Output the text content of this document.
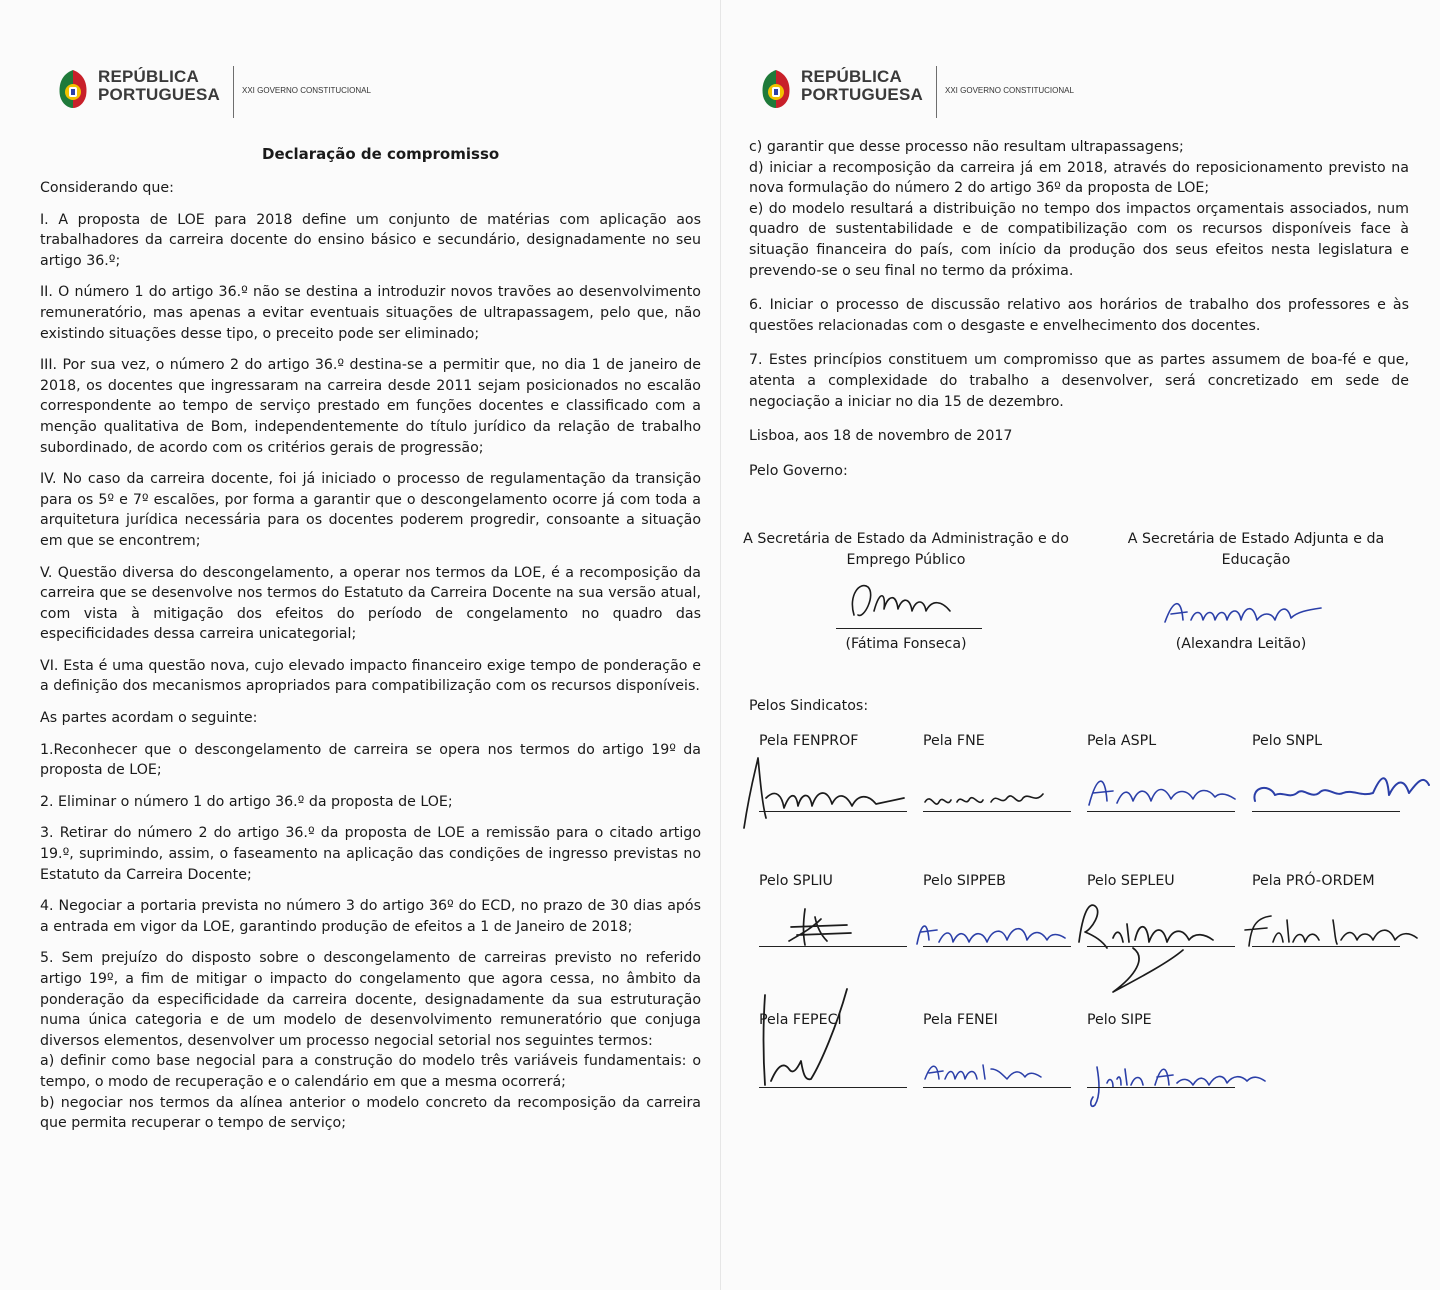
REPÚBLICA
PORTUGUESA	XXI GOVERNO CONSTITUCIONAL
Declaração de compromisso

Considerando que:

I. A proposta de LOE para 2018 define um conjunto de matérias com aplicação aos trabalhadores da carreira docente do ensino básico e secundário, designadamente no seu artigo 36.º;

II. O número 1 do artigo 36.º não se destina a introduzir novos travões ao desenvolvimento remuneratório, mas apenas a evitar eventuais situações de ultrapassagem, pelo que, não existindo situações desse tipo, o preceito pode ser eliminado;

III. Por sua vez, o número 2 do artigo 36.º destina-se a permitir que, no dia 1 de janeiro de 2018, os docentes que ingressaram na carreira desde 2011 sejam posicionados no escalão correspondente ao tempo de serviço prestado em funções docentes e classificado com a menção qualitativa de Bom, independentemente do título jurídico da relação de trabalho subordinado, de acordo com os critérios gerais de progressão;

IV. No caso da carreira docente, foi já iniciado o processo de regulamentação da transição para os 5º e 7º escalões, por forma a garantir que o descongelamento ocorre já com toda a arquitetura jurídica necessária para os docentes poderem progredir, consoante a situação em que se encontrem;

V. Questão diversa do descongelamento, a operar nos termos da LOE, é a recomposição da carreira que se desenvolve nos termos do Estatuto da Carreira Docente na sua versão atual, com vista à mitigação dos efeitos do período de congelamento no quadro das especificidades dessa carreira unicategorial;

VI. Esta é uma questão nova, cujo elevado impacto financeiro exige tempo de ponderação e a definição dos mecanismos apropriados para compatibilização com os recursos disponíveis.

As partes acordam o seguinte:

1.Reconhecer que o descongelamento de carreira se opera nos termos do artigo 19º da proposta de LOE;

2. Eliminar o número 1 do artigo 36.º da proposta de LOE;

3. Retirar do número 2 do artigo 36.º da proposta de LOE a remissão para o citado artigo 19.º, suprimindo, assim, o faseamento na aplicação das condições de ingresso previstas no Estatuto da Carreira Docente;

4. Negociar a portaria prevista no número 3 do artigo 36º do ECD, no prazo de 30 dias após a entrada em vigor da LOE, garantindo produção de efeitos a 1 de Janeiro de 2018;

5. Sem prejuízo do disposto sobre o descongelamento de carreiras previsto no referido artigo 19º, a fim de mitigar o impacto do congelamento que agora cessa, no âmbito da ponderação da especificidade da carreira docente, designadamente da sua estruturação numa única categoria e de um modelo de desenvolvimento remuneratório que conjuga diversos elementos, desenvolver um processo negocial setorial nos seguintes termos:

a) definir como base negocial para a construção do modelo três variáveis fundamentais: o tempo, o modo de recuperação e o calendário em que a mesma ocorrerá;

b) negociar nos termos da alínea anterior o modelo concreto da recomposição da carreira que permita recuperar o tempo de serviço;

REPÚBLICA
PORTUGUESA	XXI GOVERNO CONSTITUCIONAL

c) garantir que desse processo não resultam ultrapassagens;

d) iniciar a recomposição da carreira já em 2018, através do reposicionamento previsto na nova formulação do número 2 do artigo 36º da proposta de LOE;

e) do modelo resultará a distribuição no tempo dos impactos orçamentais associados, num quadro de sustentabilidade e de compatibilização com os recursos disponíveis face à situação financeira do país, com início da produção dos seus efeitos nesta legislatura e prevendo-se o seu final no termo da próxima.

6. Iniciar o processo de discussão relativo aos horários de trabalho dos professores e às questões relacionadas com o desgaste e envelhecimento dos docentes.

7. Estes princípios constituem um compromisso que as partes assumem de boa-fé e que, atenta a complexidade do trabalho a desenvolver, será concretizado em sede de negociação a iniciar no dia 15 de dezembro.

Lisboa, aos 18 de novembro de 2017

Pelo Governo:

A Secretária de Estado da Administração e do
Emprego Público
(Fátima Fonseca)
A Secretária de Estado Adjunta e da
Educação
(Alexandra Leitão)
Pelos Sindicatos:
Pela FENPROF	Pela FNE	Pela ASPL	Pelo SNPL
Pelo SPLIU	Pelo SIPPEB	Pelo SEPLEU	Pela PRÓ-ORDEM
Pela FEPECI	Pela FENEI	Pelo SIPE
